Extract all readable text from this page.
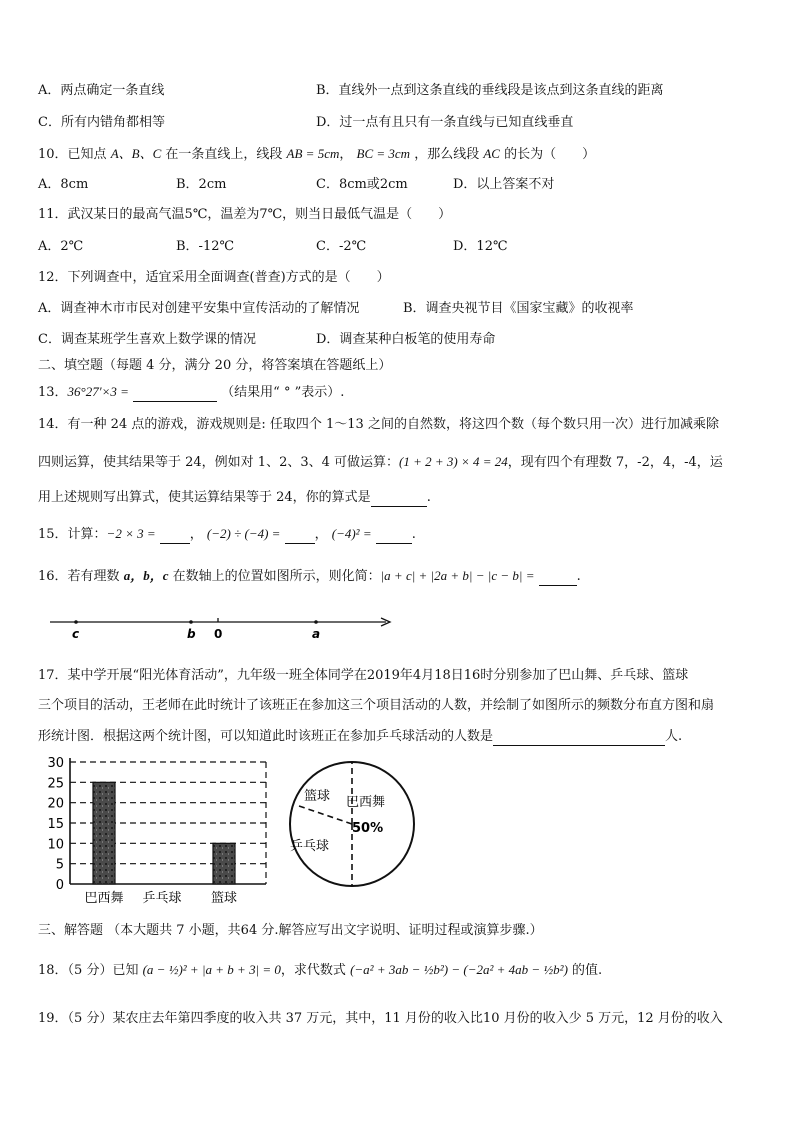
A．两点确定一条直线	B．直线外一点到这条直线的垂线段是该点到这条直线的距离
C．所有内错角都相等	D．过一点有且只有一条直线与已知直线垂直
10．已知点 A、B、C 在一条直线上，线段 AB = 5cm， BC = 3cm ，那么线段 AC 的长为（　　）
A．8cm	B．2cm	C．8cm或2cm	D．以上答案不对
11．武汉某日的最高气温5℃，温差为7℃，则当日最低气温是（　　）
A．2℃	B．-12℃	C．-2℃	D．12℃
12．下列调查中，适宜采用全面调查(普查)方式的是（　　）
A．调查神木市市民对创建平安集中宣传活动的了解情况	B．调查央视节目《国家宝藏》的收视率
C．调查某班学生喜欢上数学课的情况	D．调查某种白板笔的使用寿命
二、填空题（每题 4 分，满分 20 分，将答案填在答题纸上）
13．36°27′×3 =	（结果用“ ° ”表示）.
14．有一种 24 点的游戏，游戏规则是: 任取四个 1～13 之间的自然数，将这四个数（每个数只用一次）进行加减乘除
四则运算，使其结果等于 24，例如对 1、2、3、4 可做运算：(1 + 2 + 3) × 4 = 24，现有四个有理数 7，-2，4，-4，运
用上述规则写出算式，使其运算结果等于 24，你的算式是	.
15．计算：−2 × 3 =	， (−2) ÷ (−4) =	， (−4)² =	.
16．若有理数 a，b，c 在数轴上的位置如图所示，则化简：|a + c| + |2a + b| − |c − b| =	.
c	b 0	a
17．某中学开展“阳光体育活动”，九年级一班全体同学在2019年4月18日16时分别参加了巴山舞、乒乓球、篮球
三个项目的活动，王老师在此时统计了该班正在参加这三个项目活动的人数，并绘制了如图所示的频数分布直方图和扇
形统计图．根据这两个统计图，可以知道此时该班正在参加乒乓球活动的人数是	人.
0
5
10
15
20
25
30
巴西舞 乒乓球 篮球
篮球 巴西舞
50%
乒乓球
三、解答题 （本大题共 7 小题，共64 分.解答应写出文字说明、证明过程或演算步骤.）
18．（5 分）已知 (a − ½)² + |a + b + 3| = 0，求代数式 (−a² + 3ab − ½b²) − (−2a² + 4ab − ½b²) 的值.
19．（5 分）某农庄去年第四季度的收入共 37 万元，其中，11 月份的收入比10 月份的收入少 5 万元，12 月份的收入
